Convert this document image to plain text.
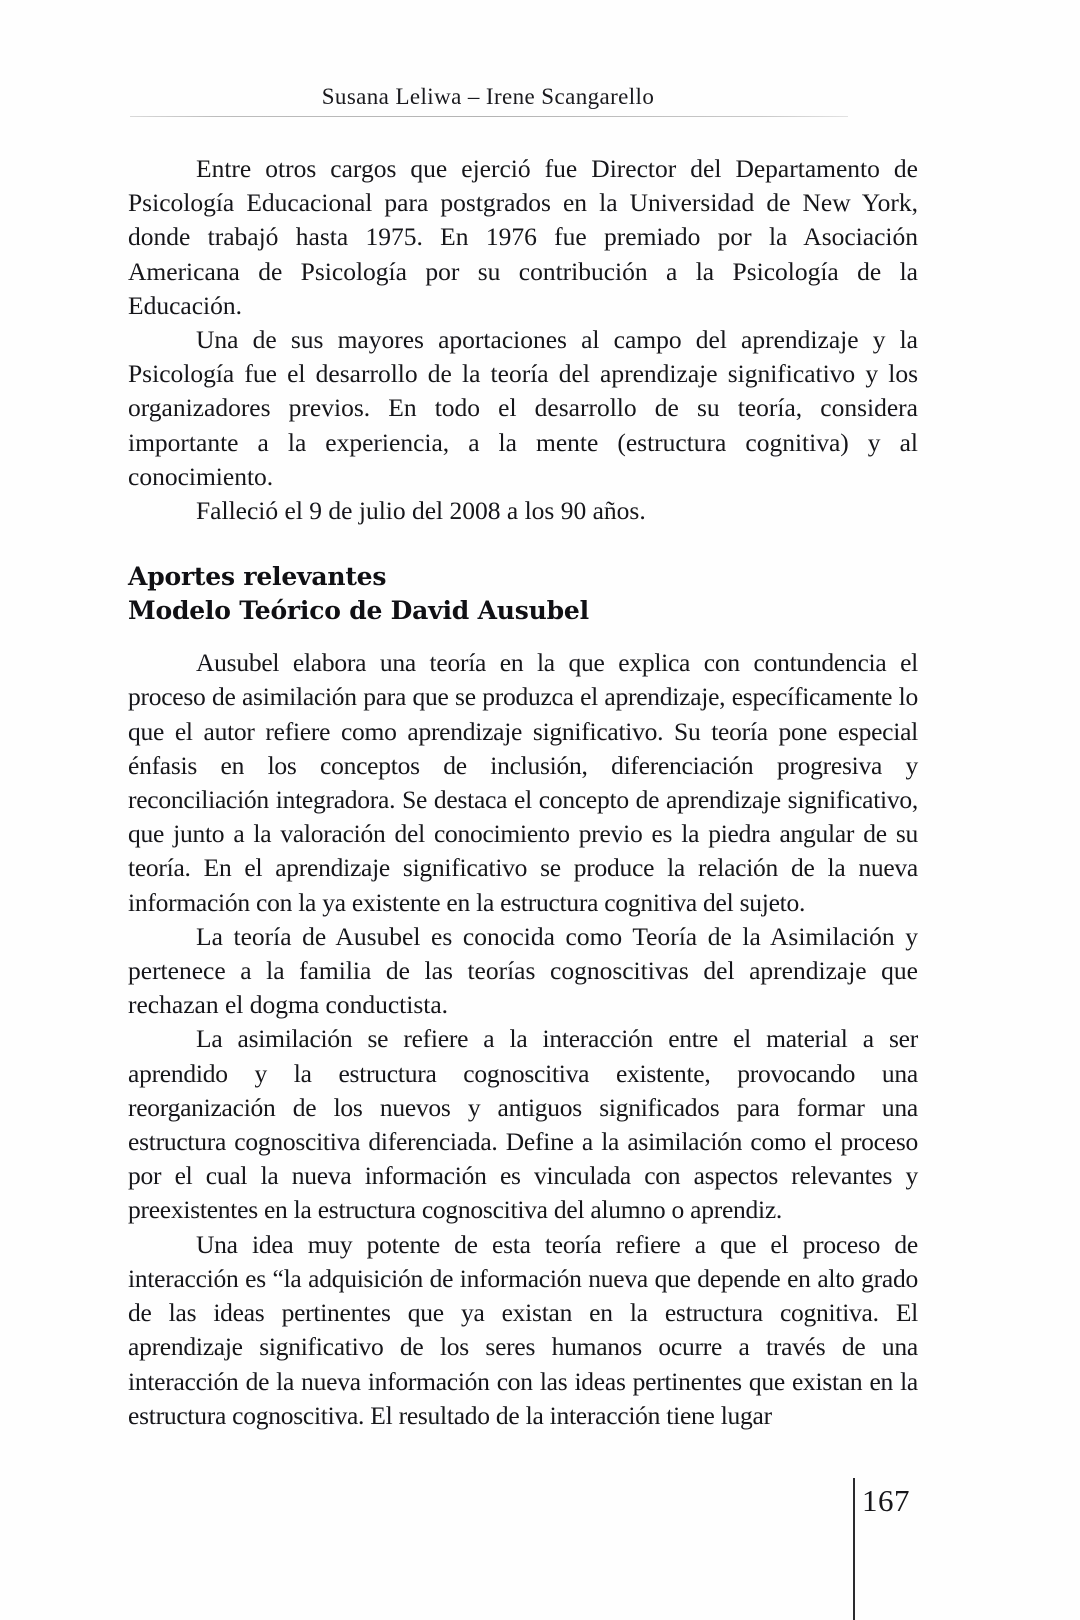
Susana Leliwa – Irene Scangarello

Entre otros cargos que ejerció fue Director del Departamento de Psicología Educacional para postgrados en la Universidad de New York, donde trabajó hasta 1975. En 1976 fue premiado por la Asociación Americana de Psicología por su contribución a la Psicología de la Educación.

Una de sus mayores aportaciones al campo del aprendizaje y la Psicología fue el desarrollo de la teoría del aprendizaje significativo y los organizadores previos. En todo el desarrollo de su teoría, considera importante a la experiencia, a la mente (estructura cognitiva) y al conocimiento.

Falleció el 9 de julio del 2008 a los 90 años.

Aportes relevantes
Modelo Teórico de David Ausubel

Ausubel elabora una teoría en la que explica con contundencia el proceso de asimilación para que se produzca el aprendizaje, específicamente lo que el autor refiere como aprendizaje significativo. Su teoría pone especial énfasis en los conceptos de inclusión, diferenciación progresiva y reconciliación integradora. Se destaca el concepto de aprendizaje significativo, que junto a la valoración del conocimiento previo es la piedra angular de su teoría. En el aprendizaje significativo se produce la relación de la nueva información con la ya existente en la estructura cognitiva del sujeto.

La teoría de Ausubel es conocida como Teoría de la Asimilación y pertenece a la familia de las teorías cognoscitivas del aprendizaje que rechazan el dogma conductista.

La asimilación se refiere a la interacción entre el material a ser aprendido y la estructura cognoscitiva existente, provocando una reorganización de los nuevos y antiguos significados para formar una estructura cognoscitiva diferenciada. Define a la asimilación como el proceso por el cual la nueva información es vinculada con aspectos relevantes y preexistentes en la estructura cognoscitiva del alumno o aprendiz.

Una idea muy potente de esta teoría refiere a que el proceso de interacción es “la adquisición de información nueva que depende en alto grado de las ideas pertinentes que ya existan en la estructura cognitiva. El aprendizaje significativo de los seres humanos ocurre a través de una interacción de la nueva información con las ideas pertinentes que existan en la estructura cognoscitiva. El resultado de la interacción tiene lugar

167
